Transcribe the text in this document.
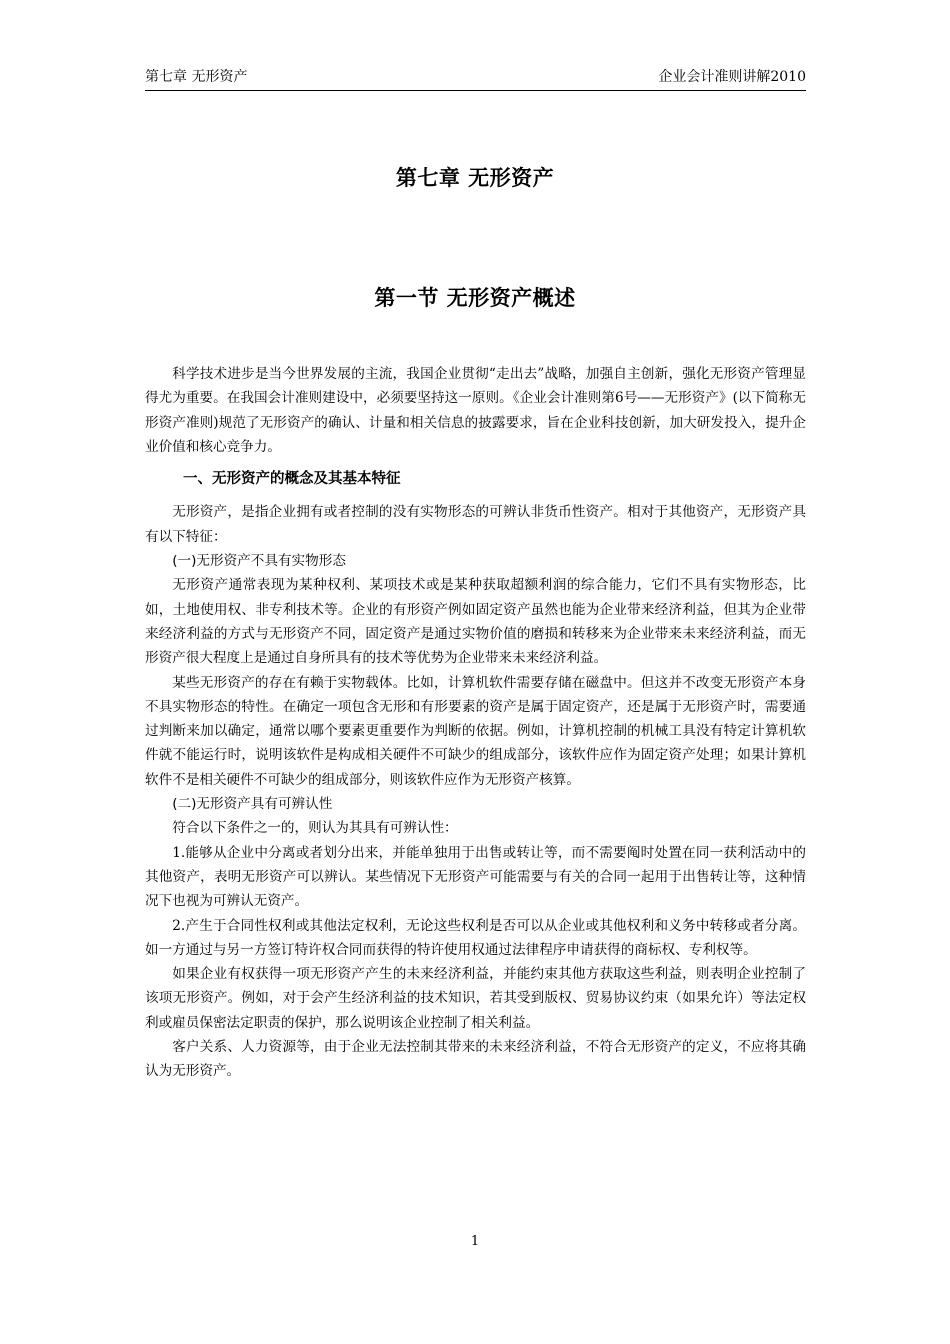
第七章 无形资产	企业会计准则讲解2010
第七章 无形资产
第一节 无形资产概述

科学技术进步是当今世界发展的主流，我国企业贯彻“走出去”战略，加强自主创新，强化无形资产管理显得尤为重要。在我国会计准则建设中，必须要坚持这一原则。《企业会计准则第6号——无形资产》(以下简称无形资产准则)规范了无形资产的确认、计量和相关信息的披露要求，旨在企业科技创新，加大研发投入，提升企业价值和核心竞争力。

一、无形资产的概念及其基本特征

无形资产，是指企业拥有或者控制的没有实物形态的可辨认非货币性资产。相对于其他资产，无形资产具有以下特征：

(一)无形资产不具有实物形态

无形资产通常表现为某种权利、某项技术或是某种获取超额利润的综合能力，它们不具有实物形态，比如，土地使用权、非专利技术等。企业的有形资产例如固定资产虽然也能为企业带来经济利益，但其为企业带来经济利益的方式与无形资产不同，固定资产是通过实物价值的磨损和转移来为企业带来未来经济利益，而无形资产很大程度上是通过自身所具有的技术等优势为企业带来未来经济利益。

某些无形资产的存在有赖于实物载体。比如，计算机软件需要存储在磁盘中。但这并不改变无形资产本身不具实物形态的特性。在确定一项包含无形和有形要素的资产是属于固定资产，还是属于无形资产时，需要通过判断来加以确定，通常以哪个要素更重要作为判断的依据。例如，计算机控制的机械工具没有特定计算机软件就不能运行时，说明该软件是构成相关硬件不可缺少的组成部分，该软件应作为固定资产处理；如果计算机软件不是相关硬件不可缺少的组成部分，则该软件应作为无形资产核算。

(二)无形资产具有可辨认性

符合以下条件之一的，则认为其具有可辨认性：

1.能够从企业中分离或者划分出来，并能单独用于出售或转让等，而不需要阄时处置在同一获利活动中的其他资产，表明无形资产可以辨认。某些情况下无形资产可能需要与有关的合同一起用于出售转让等，这种情况下也视为可辨认无资产。

2.产生于合同性权利或其他法定权利，无论这些权利是否可以从企业或其他权利和义务中转移或者分离。如一方通过与另一方签订特许权合同而获得的特许使用权通过法律程序申请获得的商标权、专利权等。

如果企业有权获得一项无形资产产生的未来经济利益，并能约束其他方获取这些利益，则表明企业控制了该项无形资产。例如，对于会产生经济利益的技术知识，若其受到版权、贸易协议约束（如果允许）等法定权利或雇员保密法定职责的保护，那么说明该企业控制了相关利益。

客户关系、人力资源等，由于企业无法控制其带来的未来经济利益，不符合无形资产的定义，不应将其确认为无形资产。

1
